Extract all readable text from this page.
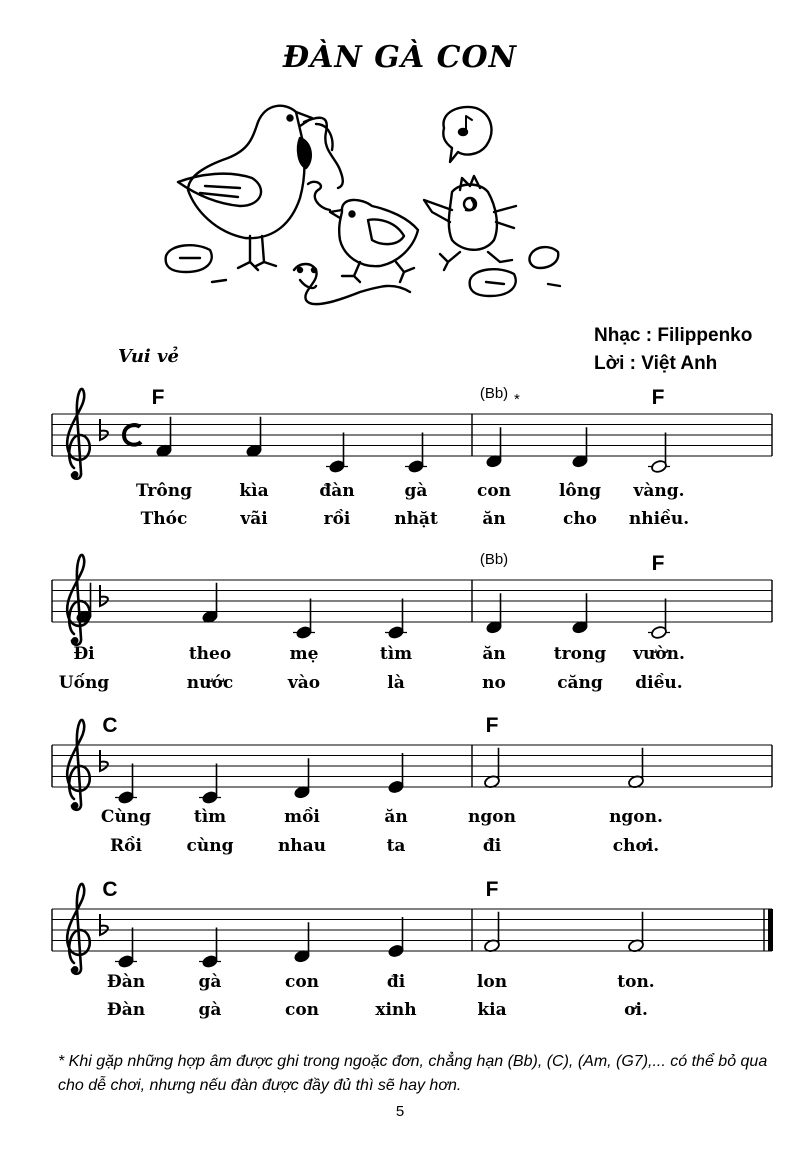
ĐÀN GÀ CON
Nhạc : Filippenko
Lời : Việt Anh
Vui vẻ
F	(Bb) *	F
Trông	kìa	đàn	gà	con	lông vàng.
Thóc	vãi	rồi	nhặt	ăn	cho nhiều.
(Bb)	F
Đi	theo	mẹ	tìm	ăn	trong vườn.
Uống	nước	vào	là	no	căng diều.
C	F
Cùng	tìm	mồi	ăn	ngon	ngon.
Rồi	cùng	nhau	ta	đi	chơi.
C	F
Đàn	gà	con	đi	lon	ton.
Đàn	gà	con	xinh	kia	ơi.
* Khi gặp những hợp âm được ghi trong ngoặc đơn, chẳng hạn (Bb), (C), (Am, (G7),... có thể bỏ qua cho dễ chơi, nhưng nếu đàn được đầy đủ thì sẽ hay hơn.
5
